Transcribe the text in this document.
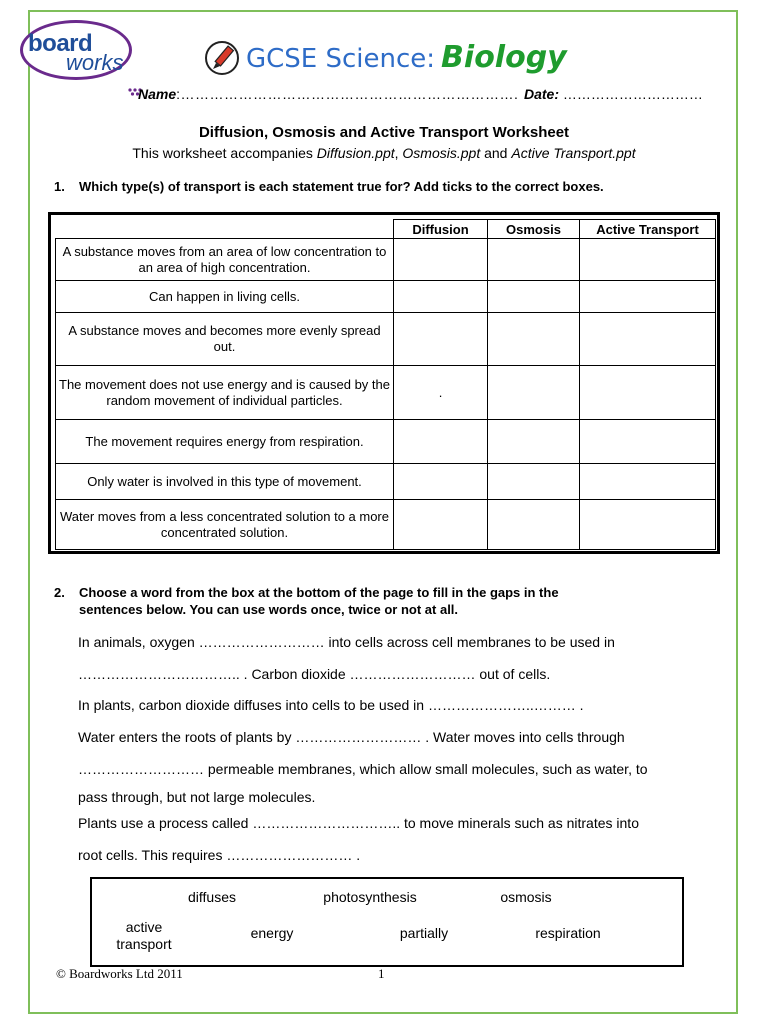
board
works	GCSE Science: Biology
Name:……………………………………………………………. Date: …………………………
Diffusion, Osmosis and Active Transport Worksheet
This worksheet accompanies Diffusion.ppt, Osmosis.ppt and Active Transport.ppt
1. Which type(s) of transport is each statement true for? Add ticks to the correct boxes.
	Diffusion	Osmosis	Active Transport
A substance moves from an area of low concentration to an area of high concentration.			
Can happen in living cells.			
A substance moves and becomes more evenly spread out.			
The movement does not use energy and is caused by the random movement of individual particles.	.		
The movement requires energy from respiration.			
Only water is involved in this type of movement.			
Water moves from a less concentrated solution to a more concentrated solution.			
2. Choose a word from the box at the bottom of the page to fill in the gaps in the
sentences below. You can use words once, twice or not at all.
In animals, oxygen ……………………… into cells across cell membranes to be used in
…………………………….. . Carbon dioxide ……………………… out of cells.
In plants, carbon dioxide diffuses into cells to be used in …………………..……… .
Water enters the roots of plants by ……………………… . Water moves into cells through
……………………… permeable membranes, which allow small molecules, such as water, to
pass through, but not large molecules.
Plants use a process called ………………………….. to move minerals such as nitrates into
root cells. This requires ……………………… .
diffuses	photosynthesis	osmosis
active transport
energy	partially	respiration
© Boardworks Ltd 2011	1
